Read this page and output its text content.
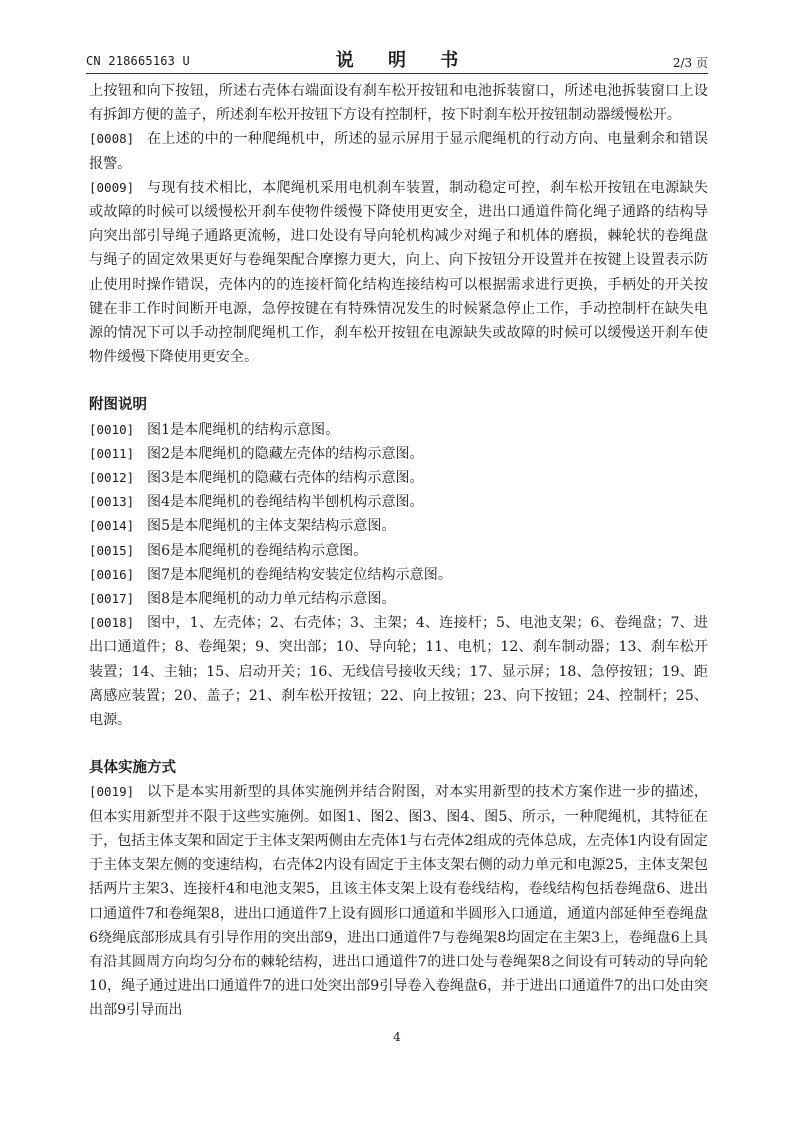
CN 218665163 U	说 明 书	2/3 页

上按钮和向下按钮，所述右壳体右端面设有刹车松开按钮和电池拆装窗口，所述电池拆装窗口上设有拆卸方便的盖子，所述刹车松开按钮下方设有控制杆，按下时刹车松开按钮制动器缓慢松开。

[0008] 在上述的中的一种爬绳机中，所述的显示屏用于显示爬绳机的行动方向、电量剩余和错误报警。

[0009] 与现有技术相比，本爬绳机采用电机刹车装置，制动稳定可控，刹车松开按钮在电源缺失或故障的时候可以缓慢松开刹车使物件缓慢下降使用更安全，进出口通道件简化绳子通路的结构导向突出部引导绳子通路更流畅，进口处设有导向轮机构减少对绳子和机体的磨损，棘轮状的卷绳盘与绳子的固定效果更好与卷绳架配合摩擦力更大，向上、向下按钮分开设置并在按键上设置表示防止使用时操作错误，壳体内的的连接杆简化结构连接结构可以根据需求进行更换，手柄处的开关按键在非工作时间断开电源，急停按键在有特殊情况发生的时候紧急停止工作，手动控制杆在缺失电源的情况下可以手动控制爬绳机工作，刹车松开按钮在电源缺失或故障的时候可以缓慢送开刹车使物件缓慢下降使用更安全。

附图说明

[0010] 图1是本爬绳机的结构示意图。
[0011] 图2是本爬绳机的隐藏左壳体的结构示意图。
[0012] 图3是本爬绳机的隐藏右壳体的结构示意图。
[0013] 图4是本爬绳机的卷绳结构半刨机构示意图。
[0014] 图5是本爬绳机的主体支架结构示意图。
[0015] 图6是本爬绳机的卷绳结构示意图。
[0016] 图7是本爬绳机的卷绳结构安装定位结构示意图。
[0017] 图8是本爬绳机的动力单元结构示意图。
[0018] 图中，1、左壳体；2、右壳体；3、主架；4、连接杆；5、电池支架；6、卷绳盘；7、进出口通道件；8、卷绳架；9、突出部；10、导向轮；11、电机；12、刹车制动器；13、刹车松开装置；14、主轴；15、启动开关；16、无线信号接收天线；17、显示屏；18、急停按钮；19、距离感应装置；20、盖子；21、刹车松开按钮；22、向上按钮；23、向下按钮；24、控制杆；25、电源。

具体实施方式

[0019] 以下是本实用新型的具体实施例并结合附图，对本实用新型的技术方案作进一步的描述，但本实用新型并不限于这些实施例。如图1、图2、图3、图4、图5、所示，一种爬绳机，其特征在于，包括主体支架和固定于主体支架两侧由左壳体1与右壳体2组成的壳体总成，左壳体1内设有固定于主体支架左侧的变速结构，右壳体2内设有固定于主体支架右侧的动力单元和电源25，主体支架包括两片主架3、连接杆4和电池支架5，且该主体支架上设有卷线结构，卷线结构包括卷绳盘6、进出口通道件7和卷绳架8，进出口通道件7上设有圆形口通道和半圆形入口通道，通道内部延伸至卷绳盘6绕绳底部形成具有引导作用的突出部9，进出口通道件7与卷绳架8均固定在主架3上，卷绳盘6上具有沿其圆周方向均匀分布的棘轮结构，进出口通道件7的进口处与卷绳架8之间设有可转动的导向轮10，绳子通过进出口通道件7的进口处突出部9引导卷入卷绳盘6，并于进出口通道件7的出口处由突出部9引导而出

4
